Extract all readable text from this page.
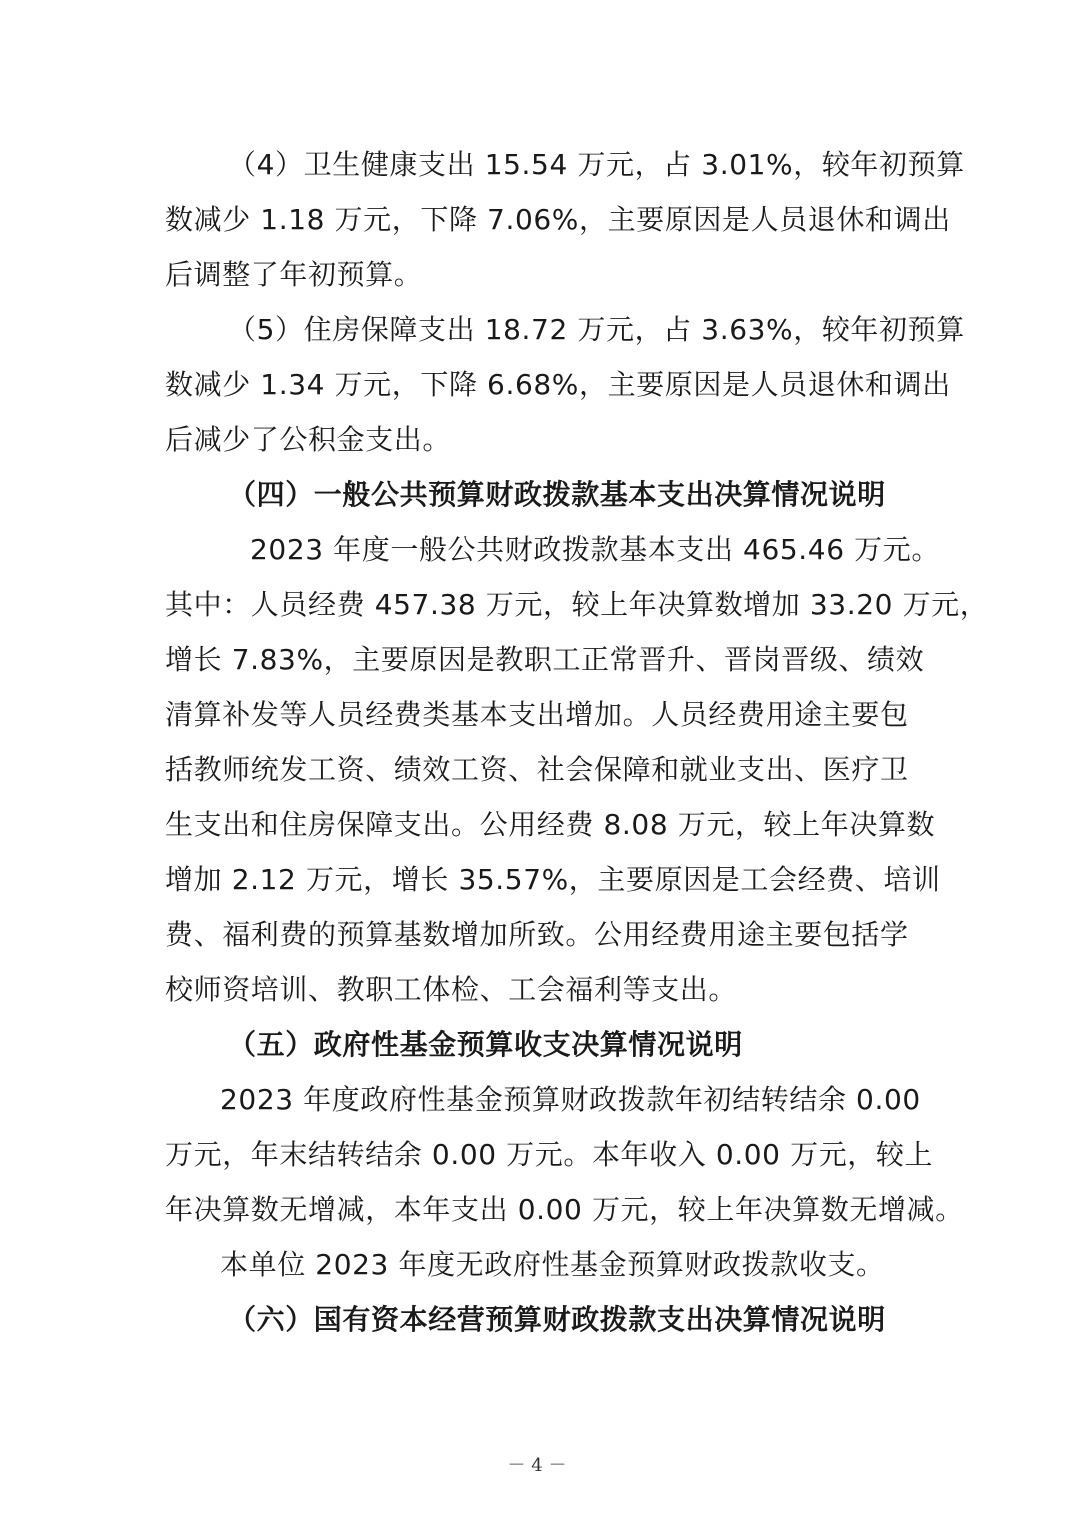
（4）卫生健康支出 15.54 万元，占 3.01%，较年初预算
数减少 1.18 万元，下降 7.06%，主要原因是人员退休和调出
后调整了年初预算。
（5）住房保障支出 18.72 万元，占 3.63%，较年初预算
数减少 1.34 万元，下降 6.68%，主要原因是人员退休和调出
后减少了公积金支出。
（四）一般公共预算财政拨款基本支出决算情况说明
2023 年度一般公共财政拨款基本支出 465.46 万元。
其中：人员经费 457.38 万元，较上年决算数增加 33.20 万元，
增长 7.83%，主要原因是教职工正常晋升、晋岗晋级、绩效
清算补发等人员经费类基本支出增加。人员经费用途主要包
括教师统发工资、绩效工资、社会保障和就业支出、医疗卫
生支出和住房保障支出。公用经费 8.08 万元，较上年决算数
增加 2.12 万元，增长 35.57%，主要原因是工会经费、培训
费、福利费的预算基数增加所致。公用经费用途主要包括学
校师资培训、教职工体检、工会福利等支出。
（五）政府性基金预算收支决算情况说明
2023 年度政府性基金预算财政拨款年初结转结余 0.00
万元，年末结转结余 0.00 万元。本年收入 0.00 万元，较上
年决算数无增减，本年支出 0.00 万元，较上年决算数无增减。
本单位 2023 年度无政府性基金预算财政拨款收支。
（六）国有资本经营预算财政拨款支出决算情况说明
－ 4 －
